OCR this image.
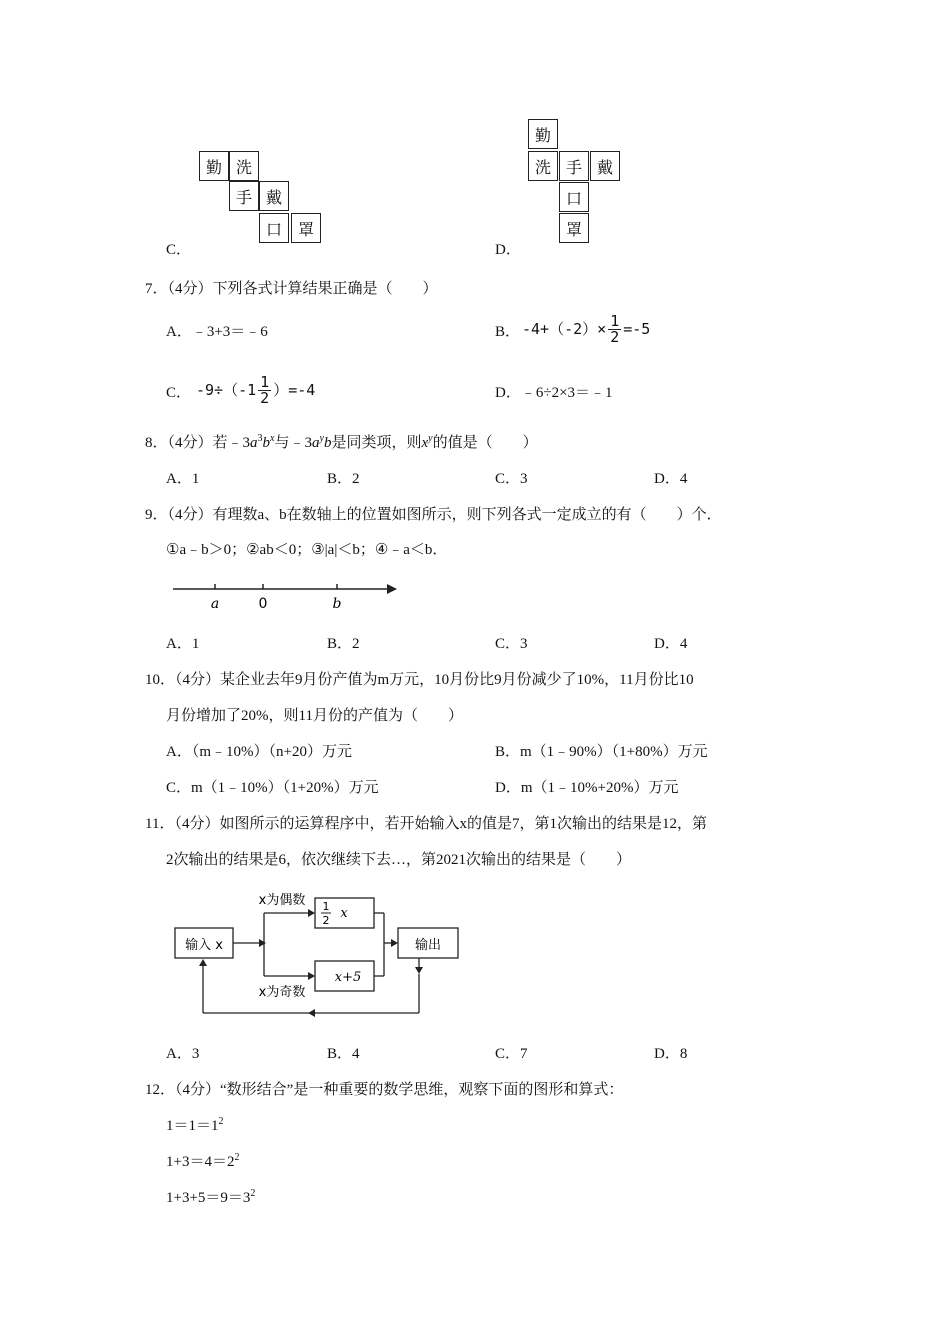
勤 洗
手 戴
口 罩
C．
勤
洗 手 戴
口
罩
D．
7．（4分）下列各式计算结果正确是（　　）
A．﹣3+3＝﹣6	B． $-4+(-2)\times \frac{1}{2} =-5$
C． $-9\div(-1 \frac{1}{2} )=-4$	D．﹣6÷2×3＝﹣1
8．（4分）若$﹣3a^3b^x$与$﹣3a^yb$是同类项，则$x^y$的值是（　　）
A．1	B．2	C．3	D．4
9．（4分）有理数a、b在数轴上的位置如图所示，则下列各式一定成立的有（　　）个．
①a﹣b＞0；②ab＜0；③|a|＜b；④﹣a＜b．
a	0	b
A．1	B．2	C．3	D．4
10．（4分）某企业去年9月份产值为m万元，10月份比9月份减少了10%，11月份比10
月份增加了20%，则11月份的产值为（　　）
A．（m﹣10%）（n+20）万元	B．m（1﹣90%）（1+80%）万元
C．m（1﹣10%）（1+20%）万元	D．m（1﹣10%+20%）万元
11．（4分）如图所示的运算程序中，若开始输入x的值是7，第1次输出的结果是12，第
2次输出的结果是6，依次继续下去…，第2021次输出的结果是（　　）
输入 x
x为偶数 1
2 x
x+5
x为奇数
输出
A．3	B．4	C．7	D．8
12．（4分）“数形结合”是一种重要的数学思维，观察下面的图形和算式：
$1=1=1^2$
$1+3=4=2^2$
$1+3+5=9=3^2$
